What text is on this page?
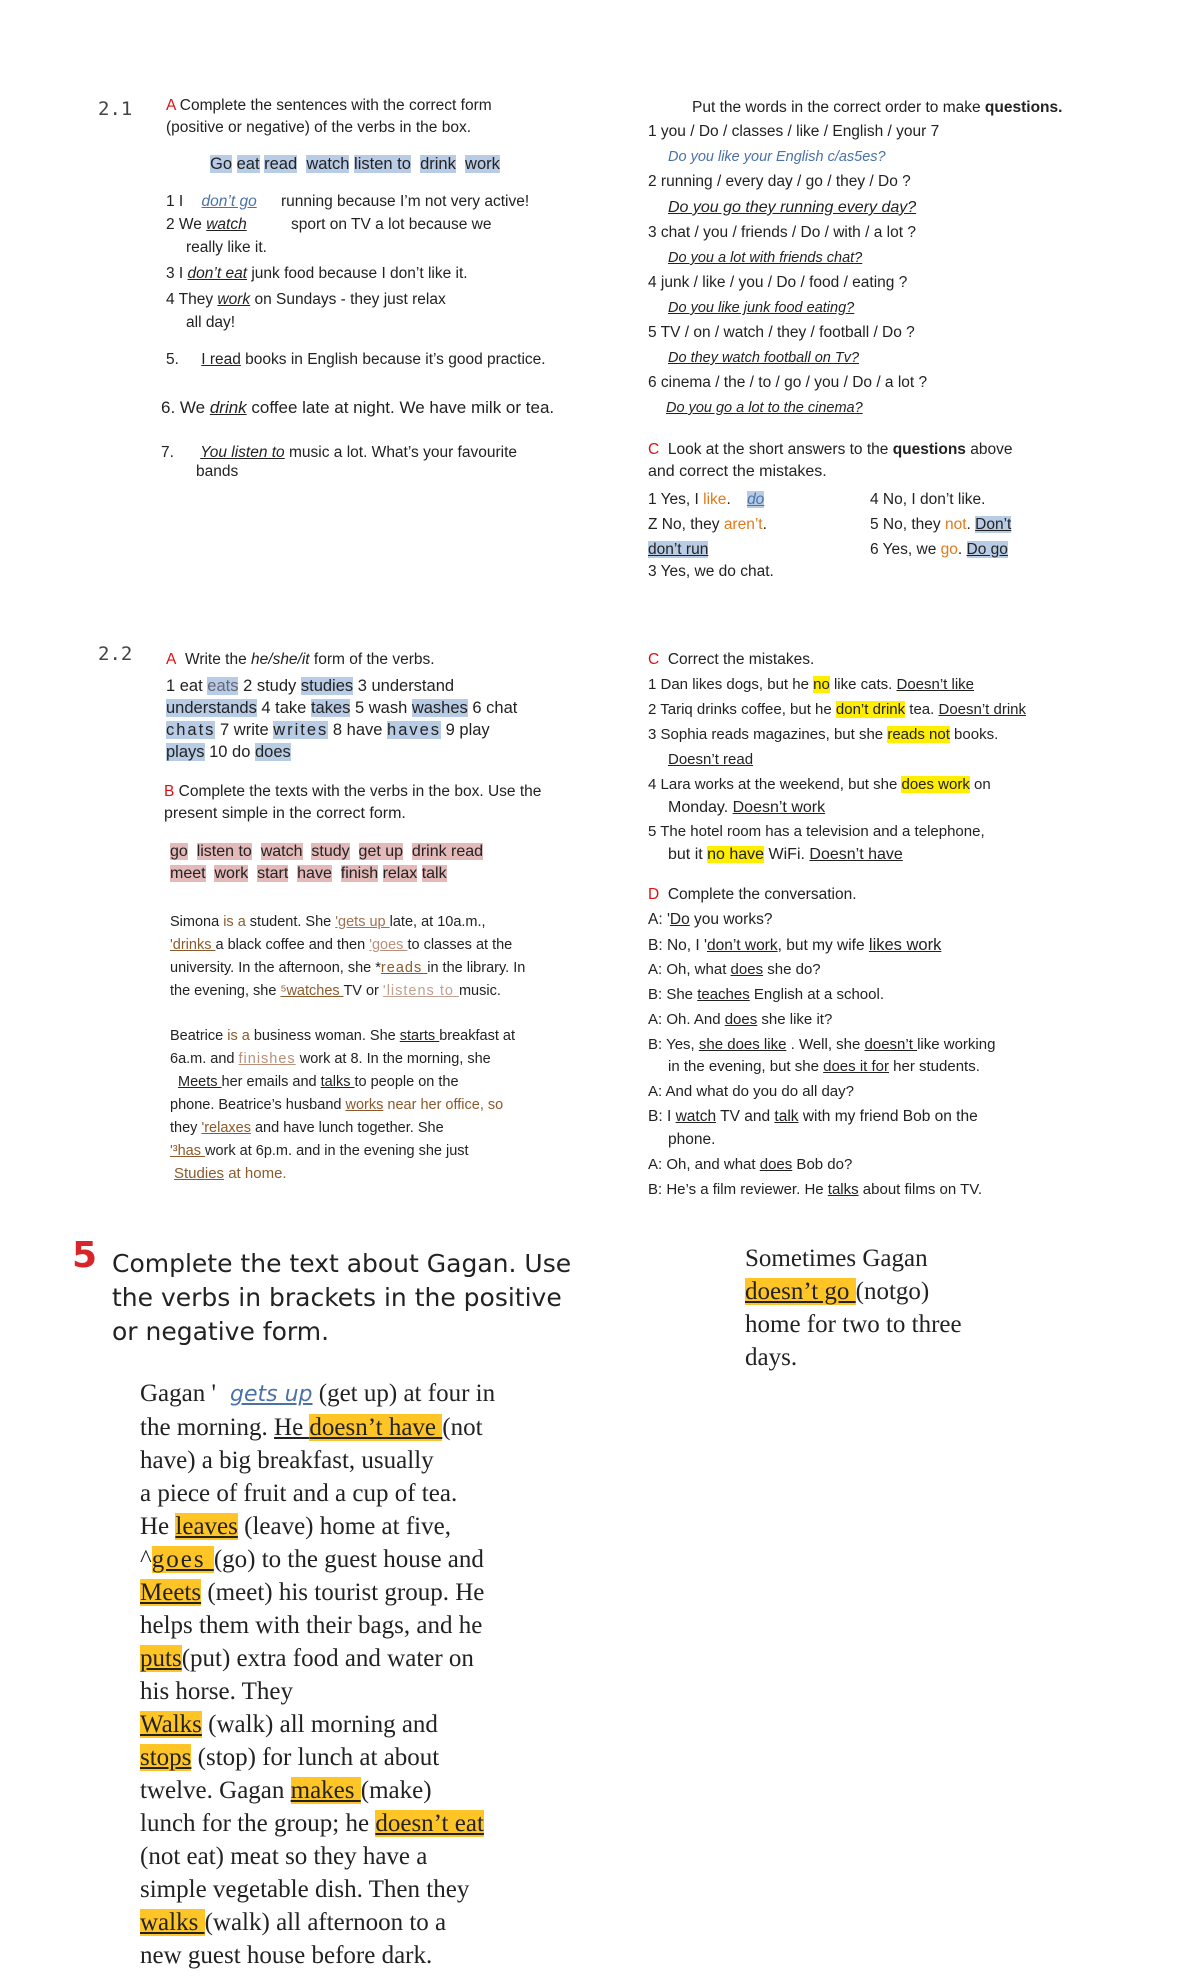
2.1 A Complete the sentences with the correct form
(positive or negative) of the verbs in the box.
Go eat read watch listen to drink work
1 I don’t go running because I’m not very active!
2 We watch	sport on TV a lot because we
really like it.
3 I don’t eat junk food because I don’t like it.
4 They work on Sundays - they just relax
all day!
5. I read books in English because it’s good practice.
6. We drink coffee late at night. We have milk or tea.
7. You listen to music a lot. What’s your favourite
bands
Put the words in the correct order to make questions.
1 you / Do / classes / like / English / your 7
Do you like your English c/as5es?
2 running / every day / go / they / Do ?
Do you go they running every day?
3 chat / you / friends / Do / with / a lot ?
Do you a lot with friends chat?
4 junk / like / you / Do / food / eating ?
Do you like junk food eating?
5 TV / on / watch / they / football / Do ?
Do they watch football on Tv?
6 cinema / the / to / go / you / Do / a lot ?
Do you go a lot to the cinema?
C Look at the short answers to the questions above
and correct the mistakes.
1 Yes, I like. do
Z No, they aren’t.
don’t run
3 Yes, we do chat.
4 No, I don’t like.
5 No, they not. Don’t
6 Yes, we go. Do go
2.2 A Write the he/she/it form of the verbs.
1 eat eats 2 study studies 3 understand
understands 4 take takes 5 wash washes 6 chat
chats 7 write writes 8 have haves 9 play
plays 10 do does
B Complete the texts with the verbs in the box. Use the
present simple in the correct form.
go listen to watch study get up drink read
meet work start have finish relax talk
Simona is a student. She 'gets up late, at 10a.m.,
'drinks a black coffee and then 'goes to classes at the
university. In the afternoon, she *reads in the library. In
the evening, she ⁵watches TV or 'listens to music.
Beatrice is a business woman. She starts breakfast at
6a.m. and finishes work at 8. In the morning, she
Meets her emails and talks to people on the
phone. Beatrice’s husband works near her office, so
they 'relaxes and have lunch together. She
'³has work at 6p.m. and in the evening she just
Studies at home.
C Correct the mistakes.
1 Dan likes dogs, but he no like cats. Doesn’t like
2 Tariq drinks coffee, but he don’t drink tea. Doesn’t drink
3 Sophia reads magazines, but she reads not books.
Doesn’t read
4 Lara works at the weekend, but she does work on
Monday. Doesn’t work
5 The hotel room has a television and a telephone,
but it no have WiFi. Doesn’t have
D Complete the conversation.
A: 'Do you works?
B: No, I 'don’t work, but my wife likes work
A: Oh, what does she do?
B: She teaches English at a school.
A: Oh. And does she like it?
B: Yes, she does like . Well, she doesn’t like working
in the evening, but she does it for her students.
A: And what do you do all day?
B: I watch TV and talk with my friend Bob on the
phone.
A: Oh, and what does Bob do?
B: He’s a film reviewer. He talks about films on TV.
5 Complete the text about Gagan. Use
the verbs in brackets in the positive
or negative form.
Gagan ' gets up (get up) at four in
the morning. He doesn’t have (not
have) a big breakfast, usually
a piece of fruit and a cup of tea.
He leaves (leave) home at five,
^goes (go) to the guest house and
Meets (meet) his tourist group. He
helps them with their bags, and he
puts(put) extra food and water on
his horse. They
Walks (walk) all morning and
stops (stop) for lunch at about
twelve. Gagan makes (make)
lunch for the group; he doesn’t eat
(not eat) meat so they have a
simple vegetable dish. Then they
walks (walk) all afternoon to a
new guest house before dark.
Sometimes Gagan
doesn’t go (notgo)
home for two to three
days.
